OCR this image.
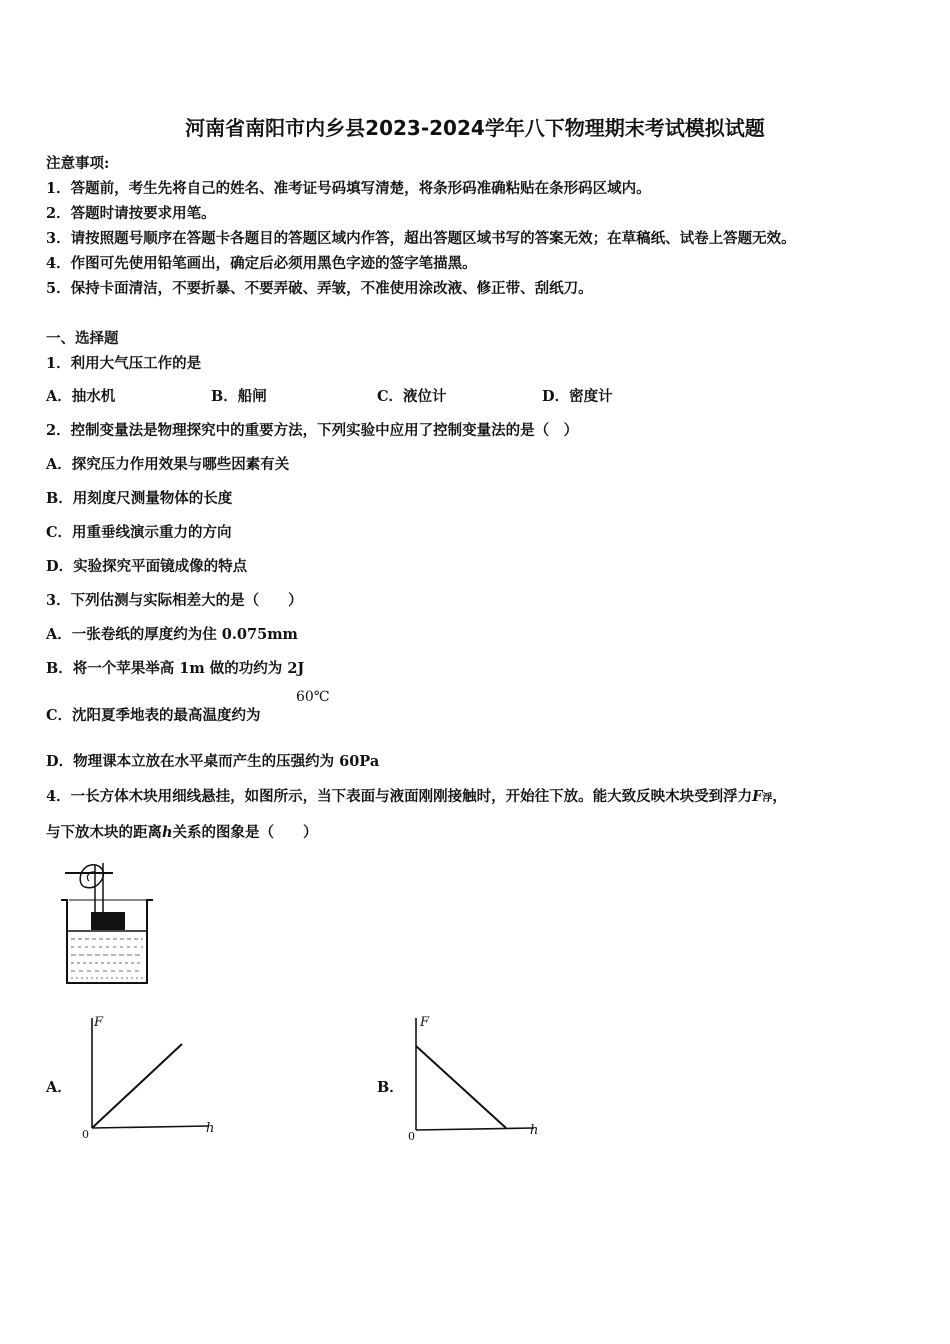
河南省南阳市内乡县2023-2024学年八下物理期末考试模拟试题
注意事项:
1．答题前，考生先将自己的姓名、准考证号码填写清楚，将条形码准确粘贴在条形码区域内。
2．答题时请按要求用笔。
3．请按照题号顺序在答题卡各题目的答题区域内作答，超出答题区域书写的答案无效；在草稿纸、试卷上答题无效。
4．作图可先使用铅笔画出，确定后必须用黑色字迹的签字笔描黑。
5．保持卡面清洁，不要折暴、不要弄破、弄皱，不准使用涂改液、修正带、刮纸刀。
一、选择题
1．利用大气压工作的是
A．抽水机	B．船闸	C．液位计	D．密度计
2．控制变量法是物理探究中的重要方法，下列实验中应用了控制变量法的是（　）
A．探究压力作用效果与哪些因素有关
B．用刻度尺测量物体的长度
C．用重垂线演示重力的方向
D．实验探究平面镜成像的特点
3．下列估测与实际相差大的是（　　）
A．一张卷纸的厚度约为住 0.075mm
B．将一个苹果举高 1m 做的功约为 2J
C．沈阳夏季地表的最高温度约为
60℃
D．物理课本立放在水平桌而产生的压强约为 60Pa
4．一长方体木块用细线悬挂，如图所示，当下表面与液面刚刚接触时，开始往下放。能大致反映木块受到浮力F浮，
与下放木块的距离h关系的图象是（　　）
A．
F
h
0
B．
F
h
0
